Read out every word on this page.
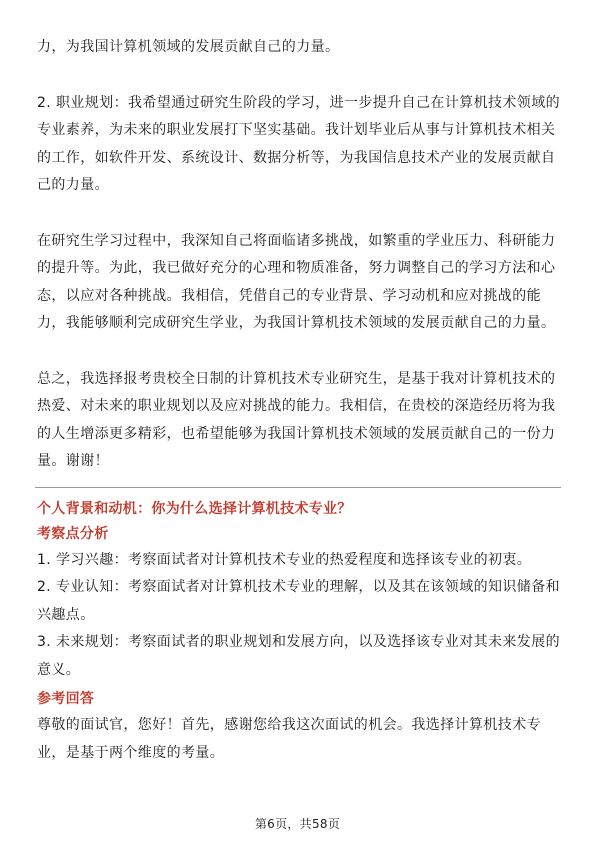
力，为我国计算机领域的发展贡献自己的力量。

2. 职业规划：我希望通过研究生阶段的学习，进一步提升自己在计算机技术领域的专业素养，为未来的职业发展打下坚实基础。我计划毕业后从事与计算机技术相关的工作，如软件开发、系统设计、数据分析等，为我国信息技术产业的发展贡献自己的力量。

在研究生学习过程中，我深知自己将面临诸多挑战，如繁重的学业压力、科研能力的提升等。为此，我已做好充分的心理和物质准备，努力调整自己的学习方法和心态，以应对各种挑战。我相信，凭借自己的专业背景、学习动机和应对挑战的能力，我能够顺利完成研究生学业，为我国计算机技术领域的发展贡献自己的力量。

总之，我选择报考贵校全日制的计算机技术专业研究生，是基于我对计算机技术的热爱、对未来的职业规划以及应对挑战的能力。我相信，在贵校的深造经历将为我的人生增添更多精彩，也希望能够为我国计算机技术领域的发展贡献自己的一份力量。谢谢！

个人背景和动机：你为什么选择计算机技术专业？

考察点分析

1. 学习兴趣：考察面试者对计算机技术专业的热爱程度和选择该专业的初衷。

2. 专业认知：考察面试者对计算机技术专业的理解，以及其在该领域的知识储备和兴趣点。

3. 未来规划：考察面试者的职业规划和发展方向，以及选择该专业对其未来发展的意义。

参考回答

尊敬的面试官，您好！首先，感谢您给我这次面试的机会。我选择计算机技术专业，是基于两个维度的考量。

第6页，共58页
